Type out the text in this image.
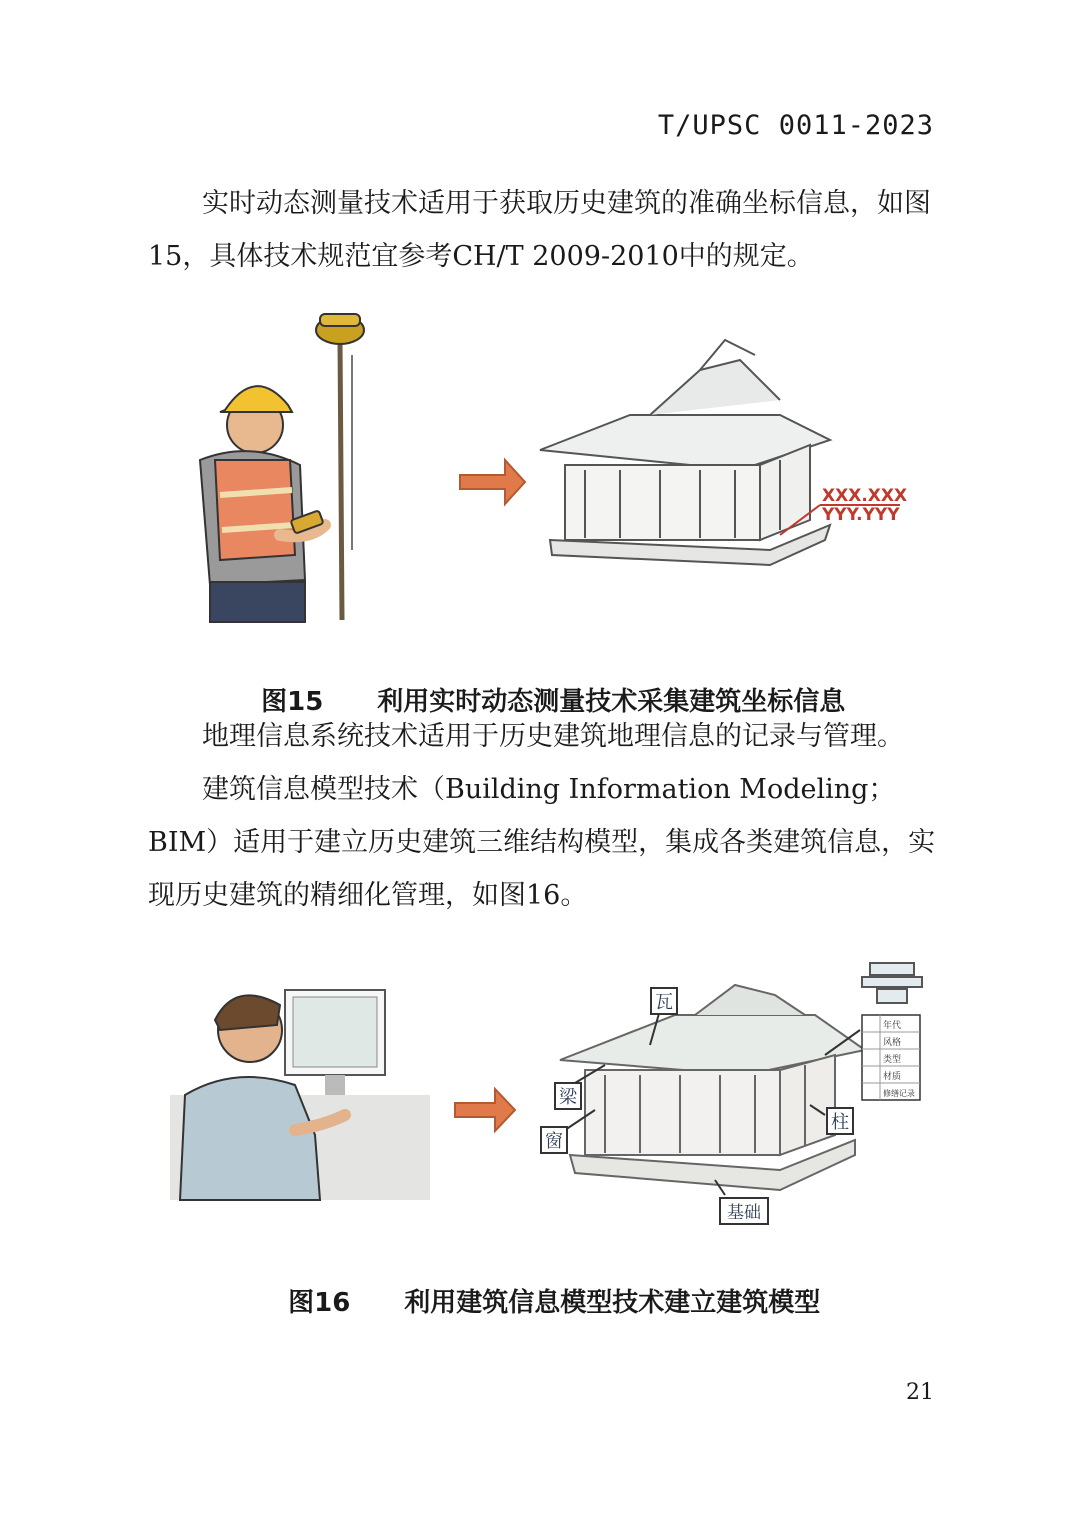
T/UPSC 0011-2023
实时动态测量技术适用于获取历史建筑的准确坐标信息，如图15，具体技术规范宜参考CH/T 2009-2010中的规定。
XXX.XXX
YYY.YYY

图15 利用实时动态测量技术采集建筑坐标信息

地理信息系统技术适用于历史建筑地理信息的记录与管理。
建筑信息模型技术（Building Information Modeling；BIM）适用于建立历史建筑三维结构模型，集成各类建筑信息，实现历史建筑的精细化管理，如图16。
瓦
梁
窗
柱
基础
年代
风格
类型
材质
修缮记录

图16 利用建筑信息模型技术建立建筑模型

21
